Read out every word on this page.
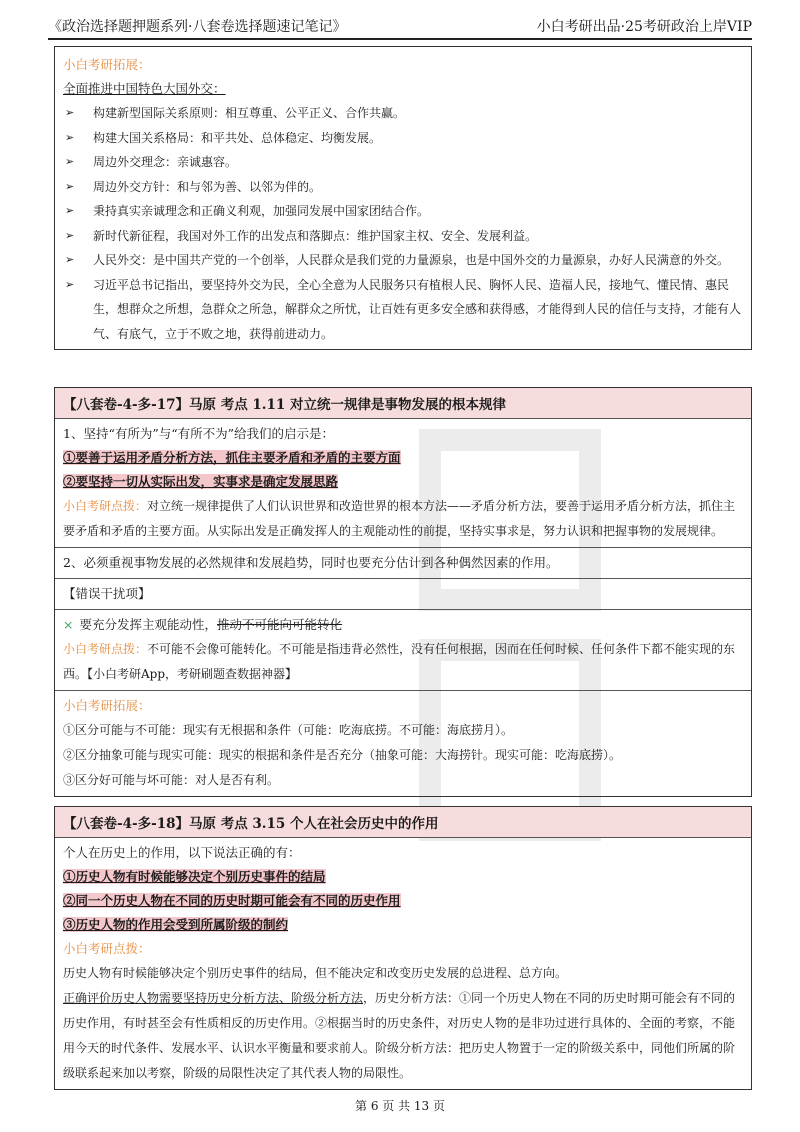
《政治选择题押题系列·八套卷选择题速记笔记》	小白考研出品·25考研政治上岸VIP
小白考研拓展：
全面推进中国特色大国外交：
➢ 构建新型国际关系原则：相互尊重、公平正义、合作共赢。
➢ 构建大国关系格局：和平共处、总体稳定、均衡发展。
➢ 周边外交理念：亲诚惠容。
➢ 周边外交方针：和与邻为善、以邻为伴的。
➢ 秉持真实亲诚理念和正确义利观，加强同发展中国家团结合作。
➢ 新时代新征程，我国对外工作的出发点和落脚点：维护国家主权、安全、发展利益。
➢ 人民外交：是中国共产党的一个创举，人民群众是我们党的力量源泉，也是中国外交的力量源泉，办好人民满意的外交。
➢ 习近平总书记指出，要坚持外交为民，全心全意为人民服务只有植根人民、胸怀人民、造福人民，接地气、懂民情、惠民生，想群众之所想，急群众之所急，解群众之所忧，让百姓有更多安全感和获得感，才能得到人民的信任与支持，才能有人气、有底气，立于不败之地，获得前进动力。
【八套卷-4-多-17】马原 考点 1.11 对立统一规律是事物发展的根本规律
1、坚持“有所为”与“有所不为”给我们的启示是：
①要善于运用矛盾分析方法，抓住主要矛盾和矛盾的主要方面
②要坚持一切从实际出发，实事求是确定发展思路
小白考研点拨：对立统一规律提供了人们认识世界和改造世界的根本方法——矛盾分析方法，要善于运用矛盾分析方法，抓住主要矛盾和矛盾的主要方面。从实际出发是正确发挥人的主观能动性的前提，坚持实事求是，努力认识和把握事物的发展规律。
2、必须重视事物发展的必然规律和发展趋势，同时也要充分估计到各种偶然因素的作用。
【错误干扰项】
× 要充分发挥主观能动性，推动不可能向可能转化
小白考研点拨：不可能不会像可能转化。不可能是指违背必然性，没有任何根据，因而在任何时候、任何条件下都不能实现的东西。【小白考研App，考研刷题查数据神器】
小白考研拓展：
①区分可能与不可能：现实有无根据和条件（可能：吃海底捞。不可能：海底捞月）。
②区分抽象可能与现实可能：现实的根据和条件是否充分（抽象可能：大海捞针。现实可能：吃海底捞）。
③区分好可能与坏可能：对人是否有利。
【八套卷-4-多-18】马原 考点 3.15 个人在社会历史中的作用
个人在历史上的作用，以下说法正确的有：
①历史人物有时候能够决定个别历史事件的结局
②同一个历史人物在不同的历史时期可能会有不同的历史作用
③历史人物的作用会受到所属阶级的制约
小白考研点拨：
历史人物有时候能够决定个别历史事件的结局，但不能决定和改变历史发展的总进程、总方向。
正确评价历史人物需要坚持历史分析方法、阶级分析方法，历史分析方法：①同一个历史人物在不同的历史时期可能会有不同的历史作用，有时甚至会有性质相反的历史作用。②根据当时的历史条件，对历史人物的是非功过进行具体的、全面的考察，不能用今天的时代条件、发展水平、认识水平衡量和要求前人。阶级分析方法：把历史人物置于一定的阶级关系中，同他们所属的阶级联系起来加以考察，阶级的局限性决定了其代表人物的局限性。
第 6 页 共 13 页
